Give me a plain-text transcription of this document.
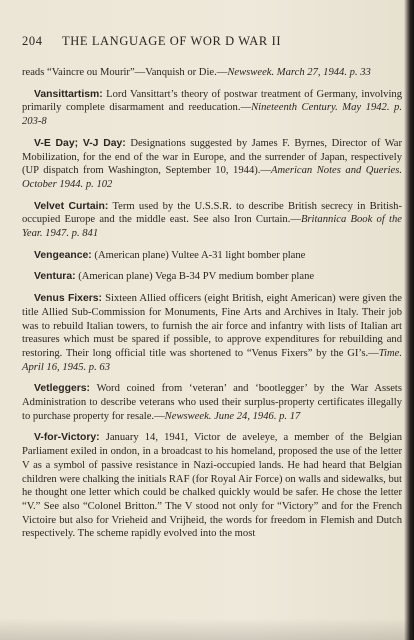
204 THE LANGUAGE OF WOR D WAR II

reads “Vaincre ou Mourir”—Vanquish or Die.—Newsweek. March 27, 1944. p. 33

Vansittartism: Lord Vansittart’s theory of postwar treatment of Germany, involving primarily complete disarmament and reeducation.—Nineteenth Century. May 1942. p. 203-8

V-E Day; V-J Day: Designations suggested by James F. Byrnes, Director of War Mobilization, for the end of the war in Europe, and the surrender of Japan, respectively (UP dispatch from Washington, September 10, 1944).—American Notes and Queries. October 1944. p. 102

Velvet Curtain: Term used by the U.S.S.R. to describe British secrecy in British-occupied Europe and the middle east. See also Iron Curtain.—Britannica Book of the Year. 1947. p. 841

Vengeance: (American plane) Vultee A-31 light bomber plane

Ventura: (American plane) Vega B-34 PV medium bomber plane

Venus Fixers: Sixteen Allied officers (eight British, eight American) were given the title Allied Sub-Commission for Monuments, Fine Arts and Archives in Italy. Their job was to rebuild Italian towers, to furnish the air force and infantry with lists of Italian art treasures which must be spared if possible, to approve expenditures for rebuilding and restoring. Their long official title was shortened to “Venus Fixers” by the GI’s.—Time. April 16, 1945. p. 63

Vetleggers: Word coined from ‘veteran’ and ‘bootlegger’ by the War Assets Administration to describe veterans who used their surplus-property certificates illegally to purchase property for resale.—Newsweek. June 24, 1946. p. 17

V-for-Victory: January 14, 1941, Victor de aveleye, a member of the Belgian Parliament exiled in ondon, in a broadcast to his homeland, proposed the use of the letter V as a symbol of passive resistance in Nazi-occupied lands. He had heard that Belgian children were chalking the initials RAF (for Royal Air Force) on walls and sidewalks, but he thought one letter which could be chalked quickly would be safer. He chose the letter “V.” See also “Colonel Britton.” The V stood not only for “Victory” and for the French Victoire but also for Vrieheid and Vrijheid, the words for freedom in Flemish and Dutch respectively. The scheme rapidly evolved into the most
